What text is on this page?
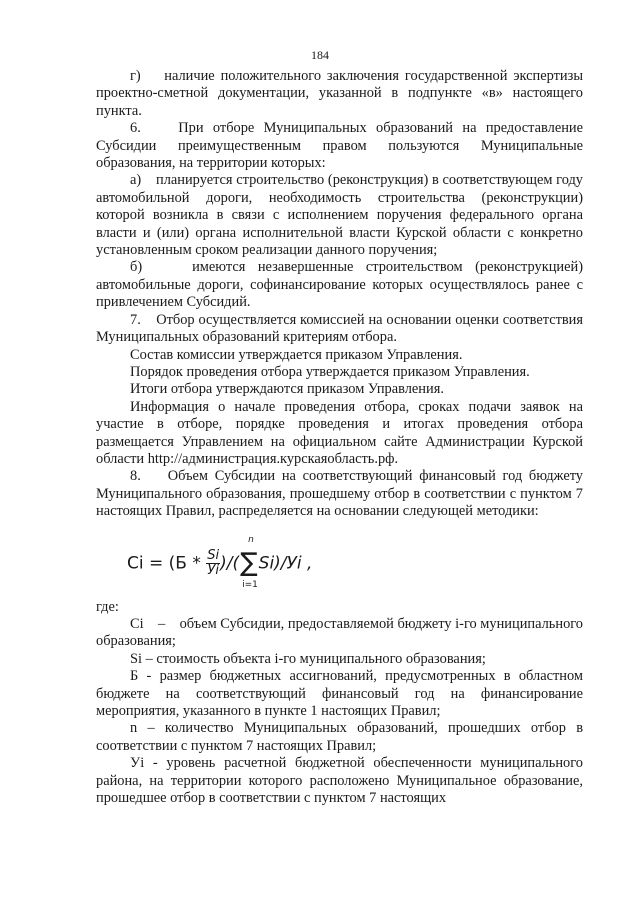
184

г)    наличие положительного заключения государственной экспертизы проектно-сметной документации, указанной в подпункте «в» настоящего пункта.

6.    При отборе Муниципальных образований на предоставление Субсидии преимущественным правом пользуются Муниципальные образования, на территории которых:

а)    планируется строительство (реконструкция) в соответствующем году автомобильной дороги, необходимость строительства (реконструкции) которой возникла в связи с исполнением поручения федерального органа власти и (или) органа исполнительной власти Курской области с конкретно установленным сроком реализации данного поручения;

б)    имеются незавершенные строительством (реконструкцией) автомобильные дороги, софинансирование которых осуществлялось ранее с привлечением Субсидий.

7.    Отбор осуществляется комиссией на основании оценки соответствия Муниципальных образований критериям отбора.

Состав комиссии утверждается приказом Управления.

Порядок проведения отбора утверждается приказом Управления.

Итоги отбора утверждаются приказом Управления.

Информация о начале проведения отбора, сроках подачи заявок на участие в отборе, порядке проведения и итогах проведения отбора размещается Управлением на официальном сайте Администрации Курской области http://администрация.курскаяобласть.рф.

8.    Объем Субсидии на соответствующий финансовый год бюджету Муниципального образования, прошедшему отбор в соответствии с пунктом 7 настоящих Правил, распределяется на основании следующей методики:

Сi = ($Б * \frac{Si}{Уi}$ )/(∑
n
i=1
Si)/Уi ,

где:

Сi    –    объем Субсидии, предоставляемой бюджету i-го муниципального образования;

Si – стоимость объекта i-го муниципального образования;

Б - размер бюджетных ассигнований, предусмотренных в областном бюджете на соответствующий финансовый год на финансирование мероприятия, указанного в пункте 1 настоящих Правил;

n – количество Муниципальных образований, прошедших отбор в соответствии с пунктом 7 настоящих Правил;

Уi - уровень расчетной бюджетной обеспеченности муниципального района, на территории которого расположено Муниципальное образование, прошедшее отбор в соответствии с пунктом 7 настоящих
